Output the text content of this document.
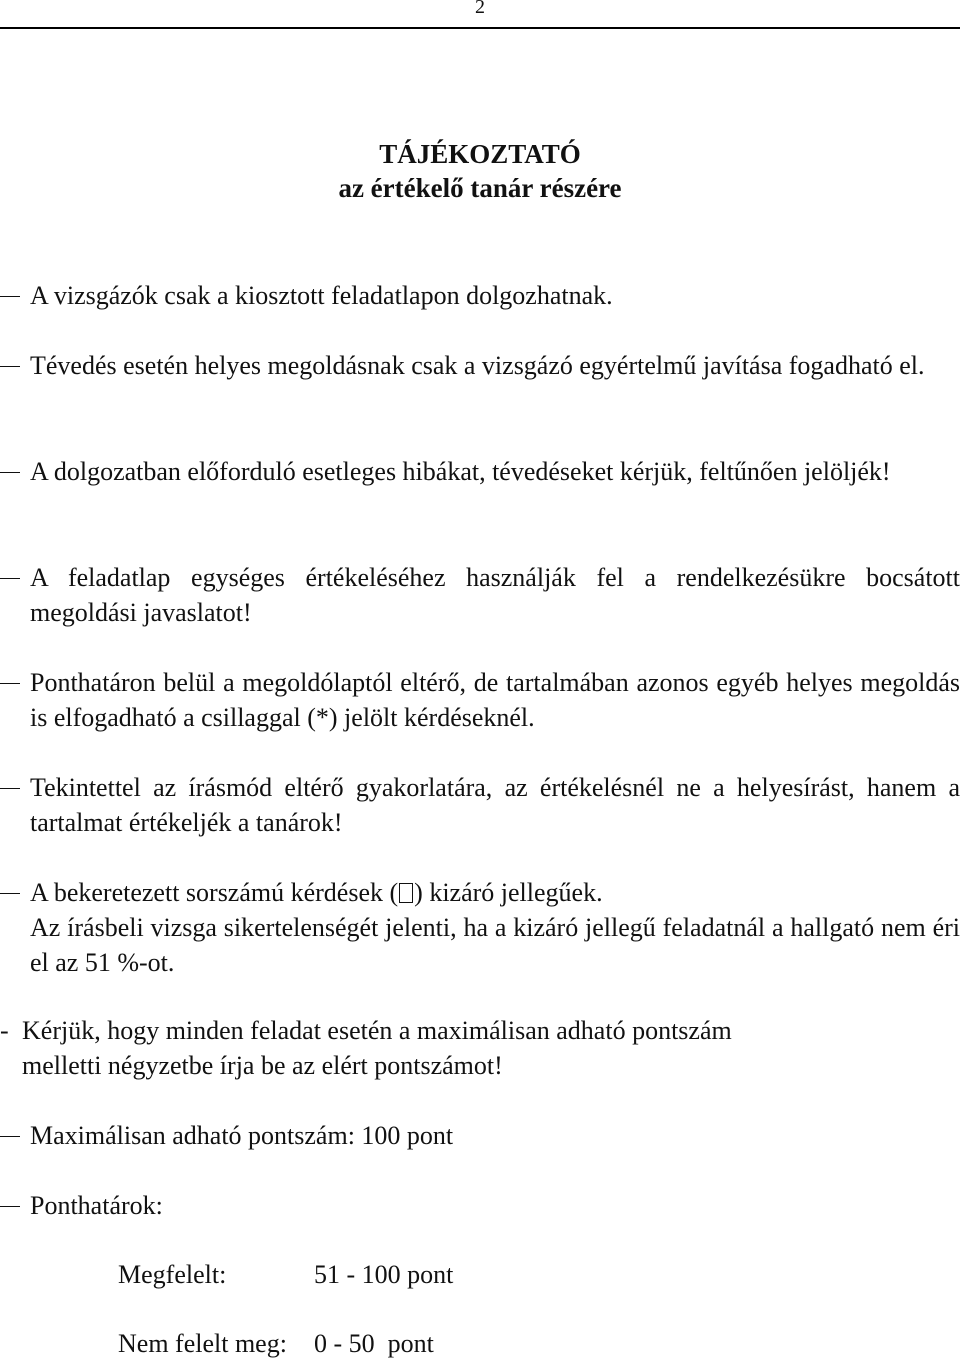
2
TÁJÉKOZTATÓ
az értékelő tanár részére
A vizsgázók csak a kiosztott feladatlapon dolgozhatnak.
Tévedés esetén helyes megoldásnak csak a vizsgázó egyértelmű javítása fogadható el.
A dolgozatban előforduló esetleges hibákat, tévedéseket kérjük, feltűnően jelöljék!
A feladatlap egységes értékeléséhez használják fel a rendelkezésükre bocsátott megoldási javaslatot!
Ponthatáron belül a megoldólaptól eltérő, de tartalmában azonos egyéb helyes megoldás is elfogadható a csillaggal (*) jelölt kérdéseknél.
Tekintettel az írásmód eltérő gyakorlatára, az értékelésnél ne a helyesírást, hanem a tartalmat értékeljék a tanárok!

A bekeretezett sorszámú kérdések ( ) kizáró jellegűek.

Az írásbeli vizsga sikertelenségét jelenti, ha a kizáró jellegű feladatnál a hallgató nem éri el az 51 %-ot.

- Kérjük, hogy minden feladat esetén a maximálisan adható pontszám
melletti négyzetbe írja be az elért pontszámot!
Maximálisan adható pontszám: 100 pont
Ponthatárok:
Megfelelt:	51 - 100 pont
Nem felelt meg: 0 - 50  pont
